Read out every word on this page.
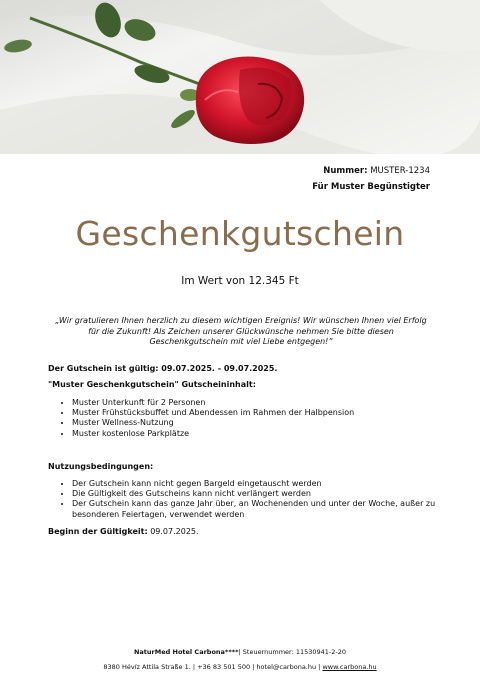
Nummer: MUSTER-1234
Für Muster Begünstigter
Geschenkgutschein
Im Wert von 12.345 Ft
„Wir gratulieren Ihnen herzlich zu diesem wichtigen Ereignis! Wir wünschen Ihnen viel Erfolg für die Zukunft! Als Zeichen unserer Glückwünsche nehmen Sie bitte diesen Geschenkgutschein mit viel Liebe entgegen!”
Der Gutschein ist gültig: 09.07.2025. - 09.07.2025.
"Muster Geschenkgutschein" Gutscheininhalt:
• Muster Unterkunft für 2 Personen
• Muster Frühstücksbuffet und Abendessen im Rahmen der Halbpension
• Muster Wellness-Nutzung
• Muster kostenlose Parkplätze
Nutzungsbedingungen:
• Der Gutschein kann nicht gegen Bargeld eingetauscht werden
• Die Gültigkeit des Gutscheins kann nicht verlängert werden
• Der Gutschein kann das ganze Jahr über, an Wochenenden und unter der Woche, außer zu besonderen Feiertagen, verwendet werden
Beginn der Gültigkeit: 09.07.2025.
NaturMed Hotel Carbona****| Steuernummer: 11530941-2-20
8380 Hévíz Attila Straße 1. | +36 83 501 500 | hotel@carbona.hu | www.carbona.hu
